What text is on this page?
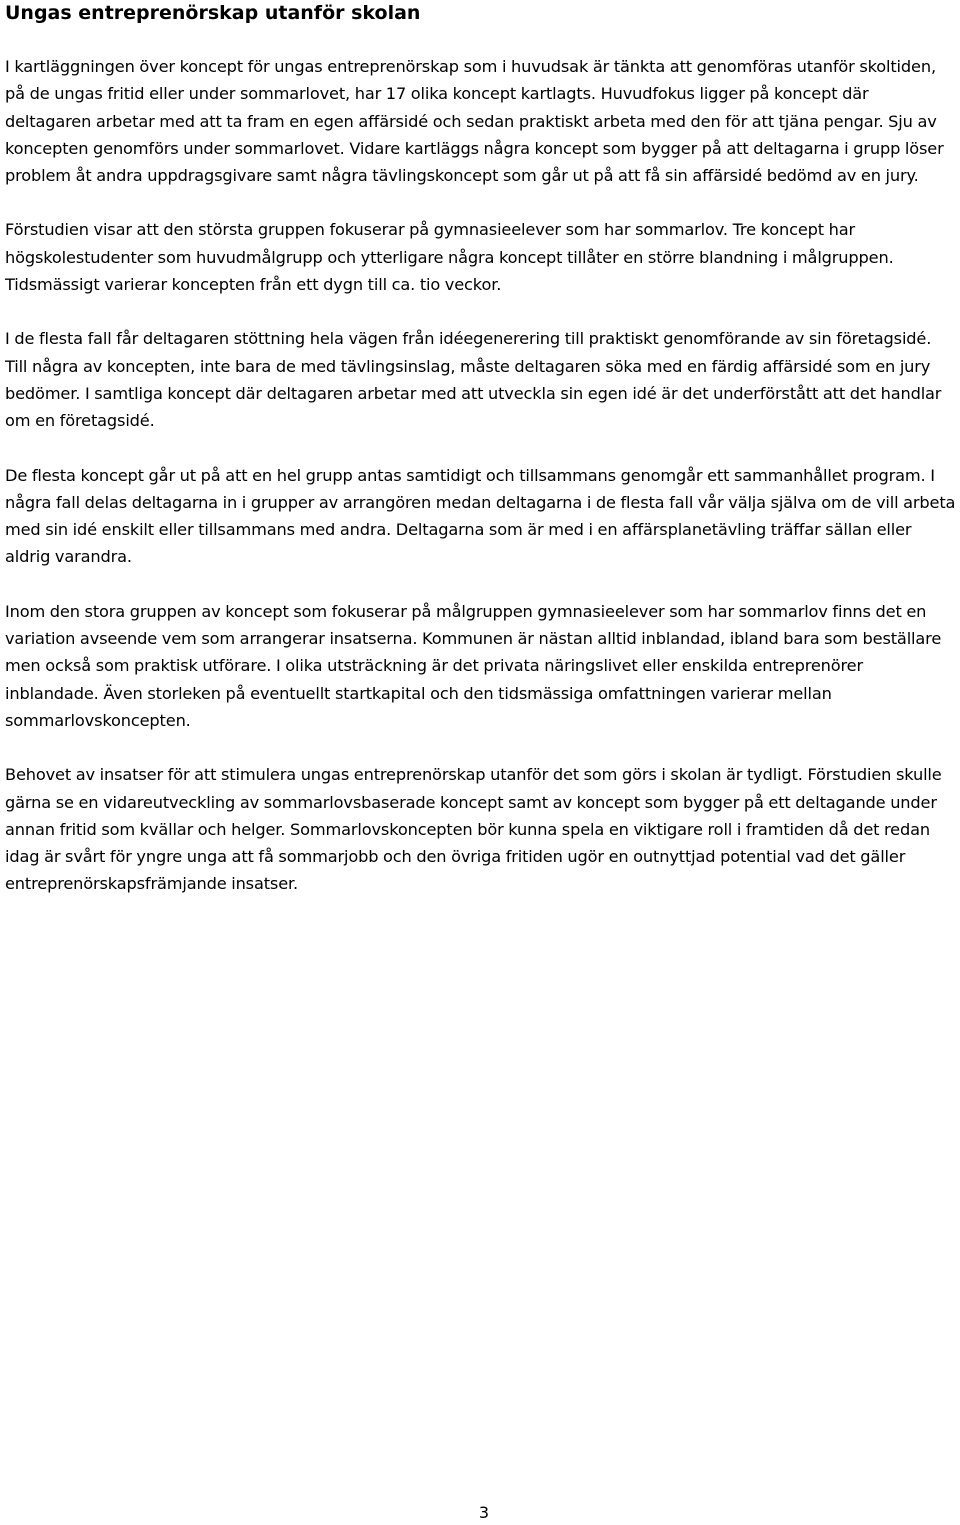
Ungas entreprenörskap utanför skolan

I kartläggningen över koncept för ungas entreprenörskap som i huvudsak är tänkta att genomföras utanför skoltiden, på de ungas fritid eller under sommarlovet, har 17 olika koncept kartlagts. Huvudfokus ligger på koncept där deltagaren arbetar med att ta fram en egen affärsidé och sedan praktiskt arbeta med den för att tjäna pengar. Sju av koncepten genomförs under sommarlovet. Vidare kartläggs några koncept som bygger på att deltagarna i grupp löser problem åt andra uppdragsgivare samt några tävlingskoncept som går ut på att få sin affärsidé bedömd av en jury.

Förstudien visar att den största gruppen fokuserar på gymnasieelever som har sommarlov. Tre koncept har högskolestudenter som huvudmålgrupp och ytterligare några koncept tillåter en större blandning i målgruppen. Tidsmässigt varierar koncepten från ett dygn till ca. tio veckor.

I de flesta fall får deltagaren stöttning hela vägen från idéegenerering till praktiskt genomförande av sin företagsidé. Till några av koncepten, inte bara de med tävlingsinslag, måste deltagaren söka med en färdig affärsidé som en jury bedömer. I samtliga koncept där deltagaren arbetar med att utveckla sin egen idé är det underförstått att det handlar om en företagsidé.

De flesta koncept går ut på att en hel grupp antas samtidigt och tillsammans genomgår ett sammanhållet program. I några fall delas deltagarna in i grupper av arrangören medan deltagarna i de flesta fall vår välja själva om de vill arbeta med sin idé enskilt eller tillsammans med andra. Deltagarna som är med i en affärsplanetävling träffar sällan eller aldrig varandra.

Inom den stora gruppen av koncept som fokuserar på målgruppen gymnasieelever som har sommarlov finns det en variation avseende vem som arrangerar insatserna. Kommunen är nästan alltid inblandad, ibland bara som beställare men också som praktisk utförare. I olika utsträckning är det privata näringslivet eller enskilda entreprenörer inblandade. Även storleken på eventuellt startkapital och den tidsmässiga omfattningen varierar mellan sommarlovskoncepten.

Behovet av insatser för att stimulera ungas entreprenörskap utanför det som görs i skolan är tydligt. Förstudien skulle gärna se en vidareutveckling av sommarlovsbaserade koncept samt av koncept som bygger på ett deltagande under annan fritid som kvällar och helger. Sommarlovskoncepten bör kunna spela en viktigare roll i framtiden då det redan idag är svårt för yngre unga att få sommarjobb och den övriga fritiden ugör en outnyttjad potential vad det gäller entreprenörskapsfrämjande insatser.

3
